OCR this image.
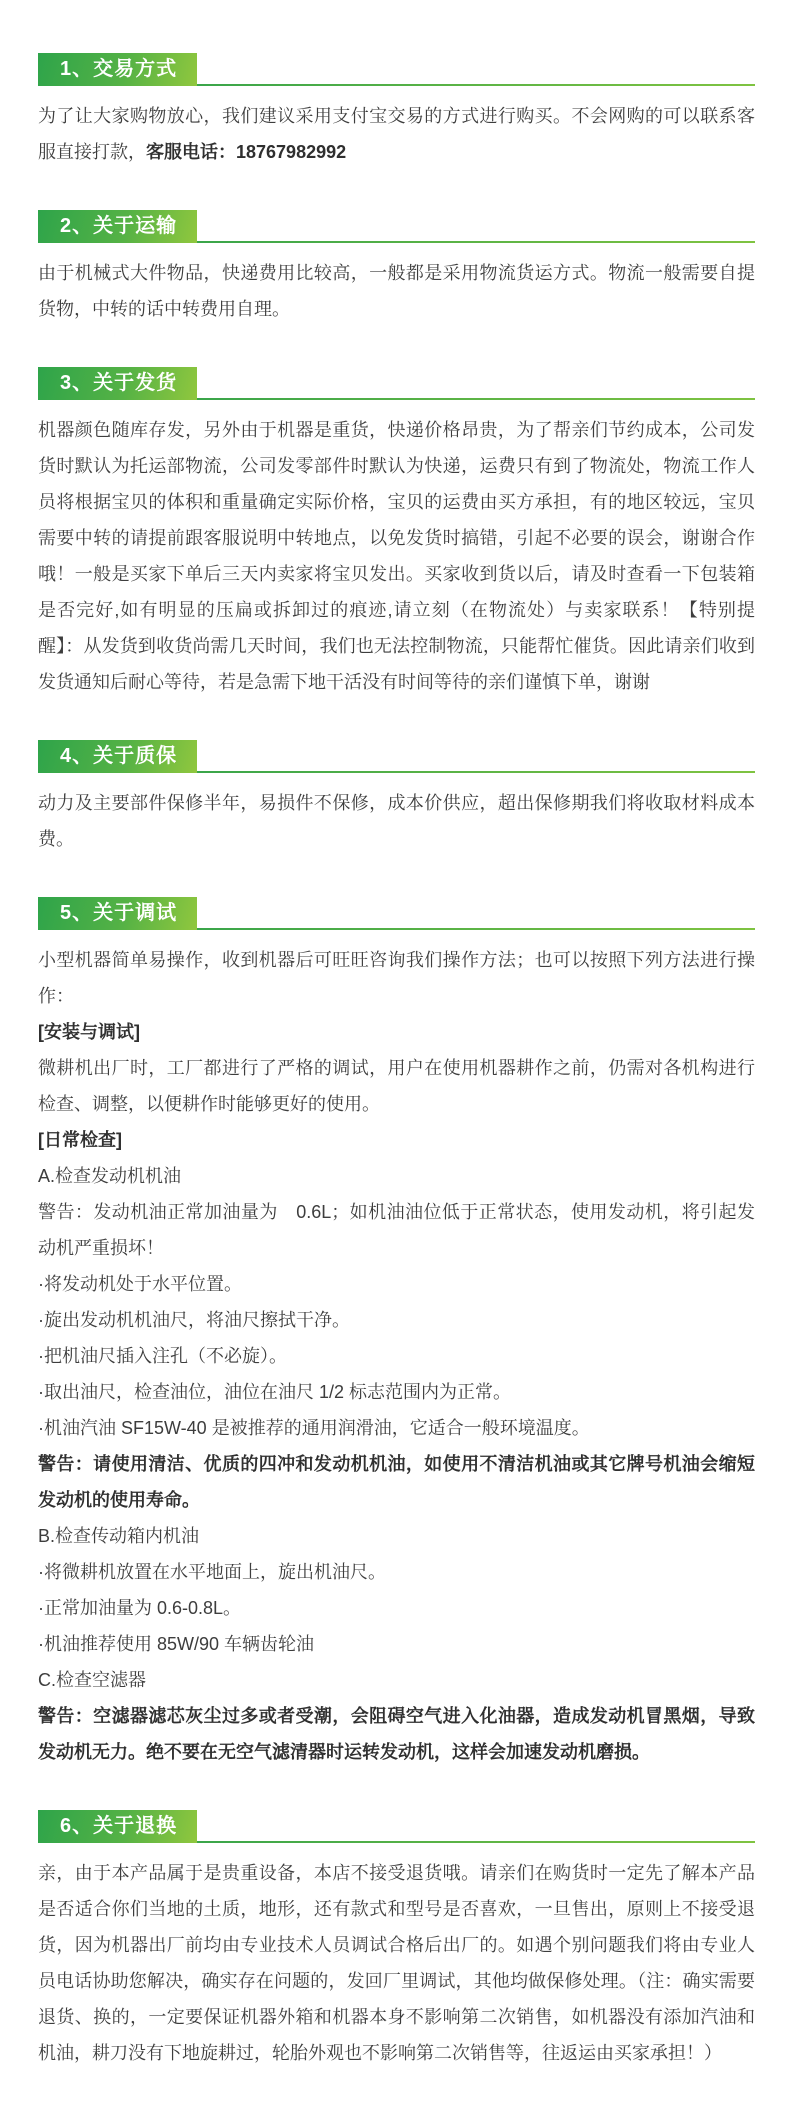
1、交易方式

为了让大家购物放心，我们建议采用支付宝交易的方式进行购买。不会网购的可以联系客服直接打款，客服电话：18767982992

2、关于运输

由于机械式大件物品，快递费用比较高，一般都是采用物流货运方式。物流一般需要自提货物，中转的话中转费用自理。

3、关于发货

机器颜色随库存发，另外由于机器是重货，快递价格昂贵，为了帮亲们节约成本，公司发货时默认为托运部物流，公司发零部件时默认为快递，运费只有到了物流处，物流工作人员将根据宝贝的体积和重量确定实际价格，宝贝的运费由买方承担，有的地区较远，宝贝需要中转的请提前跟客服说明中转地点，以免发货时搞错，引起不必要的误会，谢谢合作哦！一般是买家下单后三天内卖家将宝贝发出。买家收到货以后，请及时查看一下包装箱是否完好,如有明显的压扁或拆卸过的痕迹,请立刻（在物流处）与卖家联系！【特别提醒】：从发货到收货尚需几天时间，我们也无法控制物流，只能帮忙催货。因此请亲们收到发货通知后耐心等待，若是急需下地干活没有时间等待的亲们谨慎下单，谢谢

4、关于质保

动力及主要部件保修半年，易损件不保修，成本价供应，超出保修期我们将收取材料成本费。

5、关于调试

小型机器简单易操作，收到机器后可旺旺咨询我们操作方法；也可以按照下列方法进行操作：

[安装与调试]

微耕机出厂时，工厂都进行了严格的调试，用户在使用机器耕作之前，仍需对各机构进行检查、调整，以便耕作时能够更好的使用。

[日常检查]

A.检查发动机机油

警告：发动机油正常加油量为　0.6L；如机油油位低于正常状态，使用发动机，将引起发动机严重损坏！

·将发动机处于水平位置。

·旋出发动机机油尺，将油尺擦拭干净。

·把机油尺插入注孔（不必旋）。

·取出油尺，检查油位，油位在油尺 1/2 标志范围内为正常。

·机油汽油 SF15W-40 是被推荐的通用润滑油，它适合一般环境温度。

警告：请使用清洁、优质的四冲和发动机机油，如使用不清洁机油或其它牌号机油会缩短发动机的使用寿命。

B.检查传动箱内机油

·将微耕机放置在水平地面上，旋出机油尺。

·正常加油量为 0.6-0.8L。

·机油推荐使用 85W/90 车辆齿轮油

C.检查空滤器

警告：空滤器滤芯灰尘过多或者受潮，会阻碍空气进入化油器，造成发动机冒黑烟，导致发动机无力。绝不要在无空气滤清器时运转发动机，这样会加速发动机磨损。

6、关于退换

亲，由于本产品属于是贵重设备，本店不接受退货哦。请亲们在购货时一定先了解本产品是否适合你们当地的土质，地形，还有款式和型号是否喜欢，一旦售出，原则上不接受退货，因为机器出厂前均由专业技术人员调试合格后出厂的。如遇个别问题我们将由专业人员电话协助您解决，确实存在问题的，发回厂里调试，其他均做保修处理。（注：确实需要退货、换的，一定要保证机器外箱和机器本身不影响第二次销售，如机器没有添加汽油和机油，耕刀没有下地旋耕过，轮胎外观也不影响第二次销售等，往返运由买家承担！）
